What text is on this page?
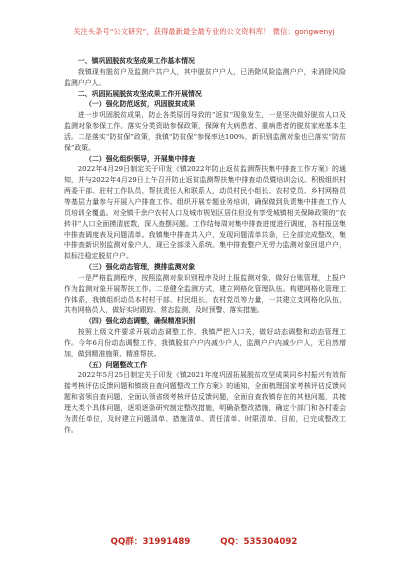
关注头条号“公文研究”，获得最新最全最专业的公文资料库！ 微信：gongwenyj
一、镇巩固脱贫攻坚成果工作基本情况
我镇现有脱贫户及监测户共户人，其中脱贫户户人，已消除风险监测户户，未消除风险监测户户人。
二、巩固拓展脱贫攻坚成果工作开展情况
（一）强化防范返贫，巩固脱贫成果
进一步巩固脱贫成果，防止各类原因导致的“返贫”现象发生，一是坚决做好脱贫人口及监测对象参保工作。落实分类资助参保政策，保障有大病患者、重病患者的脱贫家庭基本生活。二是落实“防贫保”政策，我镇“防贫保”参保率达100%，新识别监测对象也已落实“防贫保”政策。
（二）强化组织领导，开展集中排查
2022年4月29日制定关于印发《镇2022年防止返贫监测帮扶集中排查工作方案》的通知，并与2022年4月29日上午召开防止返贫监测帮扶集中排查动员暨培训会议。积极组织村两委干部、驻村工作队员、帮扶责任人和联系人，动员村民小组长、农村党员、乡村网格员等基层力量参与开展入户排查工作。组织开展专题业务培训，确保做到负责集中排查工作人员培训全覆盖。对全镇千余户农村人口及城市规划区居住但没有享受城镇相关保障政策的“农转非”人口全面摸清底数，深入查摆问题。工作结每周对集中排查进度进行调度，各村报送集中排查调度表及问题清单。我镇集中排查共入户，发现问题清单共条，已全部完成整改，集中排查新识别监测对象户人，现已全部录入系统。集中排查整户无劳力监测对象回退户户，拟标注稳定脱贫户户。
（三）强化动态管理，摸排监测对象
一是严格监测程序，按照监测对象识别程序及时上报监测对象，做好台账管理，上报户作为监测对象开展帮扶工作。二是健全监测方式，建立网格化管理队伍。构建网格化管理工作体系，我镇组织动员本村村干部、村民组长、农村党员等力量，一共建立支网格化队伍，共有网格员人，做好实时跟踪、常态监测，及时预警、落实措施。
（四）强化动态调整，确保精准识别
按照上级文件要求开展动态调整工作，我镇严把入口关，做好动态调整和动态管理工作。今年6月份动态调整工作，我镇脱贫户户内减少户人，监测户户内减少户人，无自然增加，做到精准施策、精准帮扶。
（五）问题整改工作
2022年5月25日制定关于印发《镇2021年度巩固拓展脱贫攻坚成果同乡村振兴有效衔接考核评估反馈问题和镇级自查问题整改工作方案》的通知，全面梳理国家考核评估反馈问题和省领自查问题，全面认领省级考核评估反馈问题，全面自查我镇存在的其他问题，共梳理大类个具体问题，逐项逐条研究制定整改措施，明确条整改措施，确定个部门和各村委会为责任单位，及时建立问题清单、措施清单、责任清单、时限清单、目前，已完成整改工作。
QQ群：31991489	QQ：535304092
